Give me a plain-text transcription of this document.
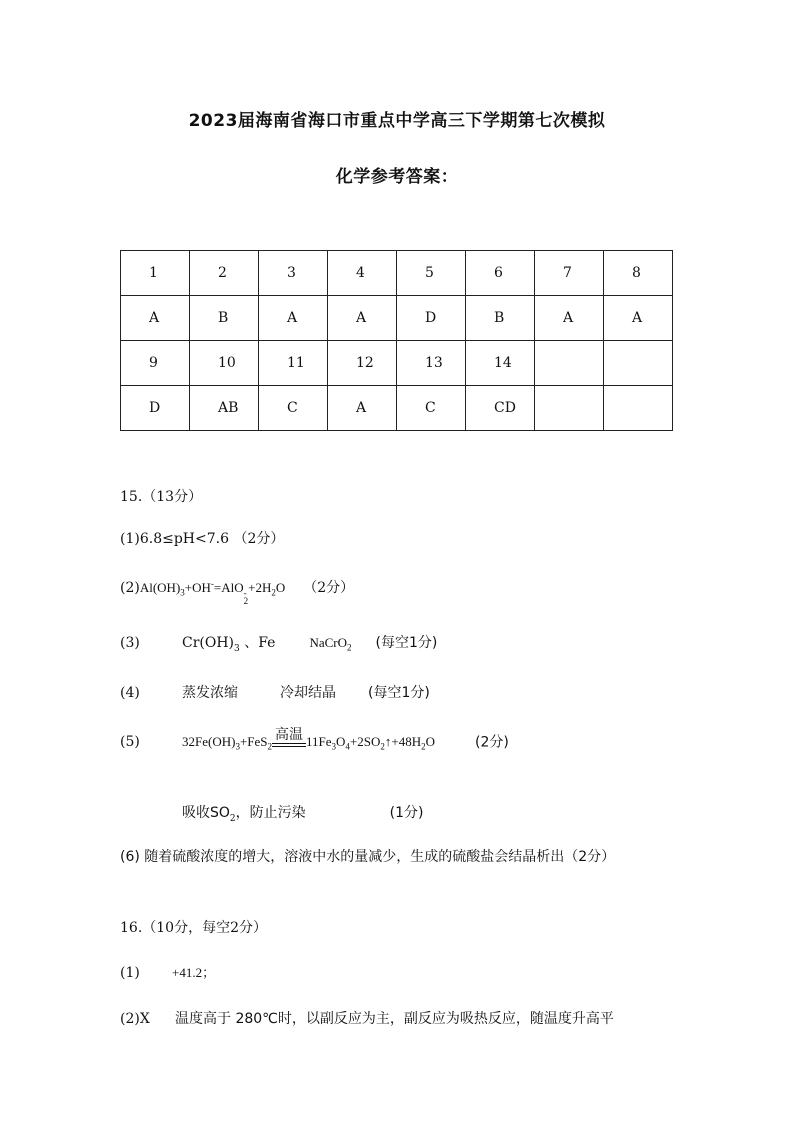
2023届海南省海口市重点中学高三下学期第七次模拟
化学参考答案：
1	2	3	4	5	6	7	8
A	B	A	A	D	B	A	A
9	10	11	12	13	14		
D	AB	C	A	C	CD		
15.（13分）
(1)6.8≤pH<7.6 （2分）
$(2)Al(OH)_3+OH^-=AlO$ -
2
$+2H_2O$ （2分）
(3)	$Cr(OH)_3$ 、Fe	NaCrO$_2$ (每空1分)
(4)	蒸发浓缩	冷却结晶 (每空1分)
(5)	$32Fe(OH)_3+FeS_2$
高温 $11Fe_3O_4+2SO_2↑+48H_2O$	(2分)
吸收$SO_2$，防止污染	(1分)
(6) 随着硫酸浓度的增大，溶液中水的量减少，生成的硫酸盐会结晶析出（2分）
16.（10分，每空2分）
(1) +41.2；
(2)X 温度高于 280℃时，以副反应为主，副反应为吸热反应，随温度升高平
